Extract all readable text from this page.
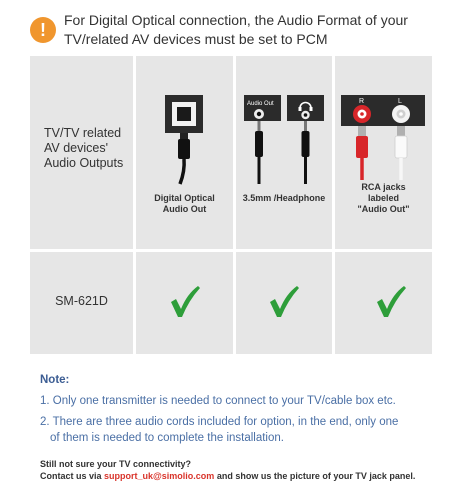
!	For Digital Optical connection, the Audio Format of your TV/related AV devices must be set to PCM
TV/TV related
AV devices'
Audio Outputs
Digital Optical
Audio Out
Audio Out
3.5mm /Headphone
R	L
RCA jacks
labeled
"Audio Out"
SM-621D
Note:
1. Only one transmitter is needed to connect to your TV/cable box etc.
2. There are three audio cords included for option, in the end, only one
of them is needed to complete the installation.
Still not sure your TV connectivity?
Contact us via support_uk@simolio.com and show us the picture of your TV jack panel.
